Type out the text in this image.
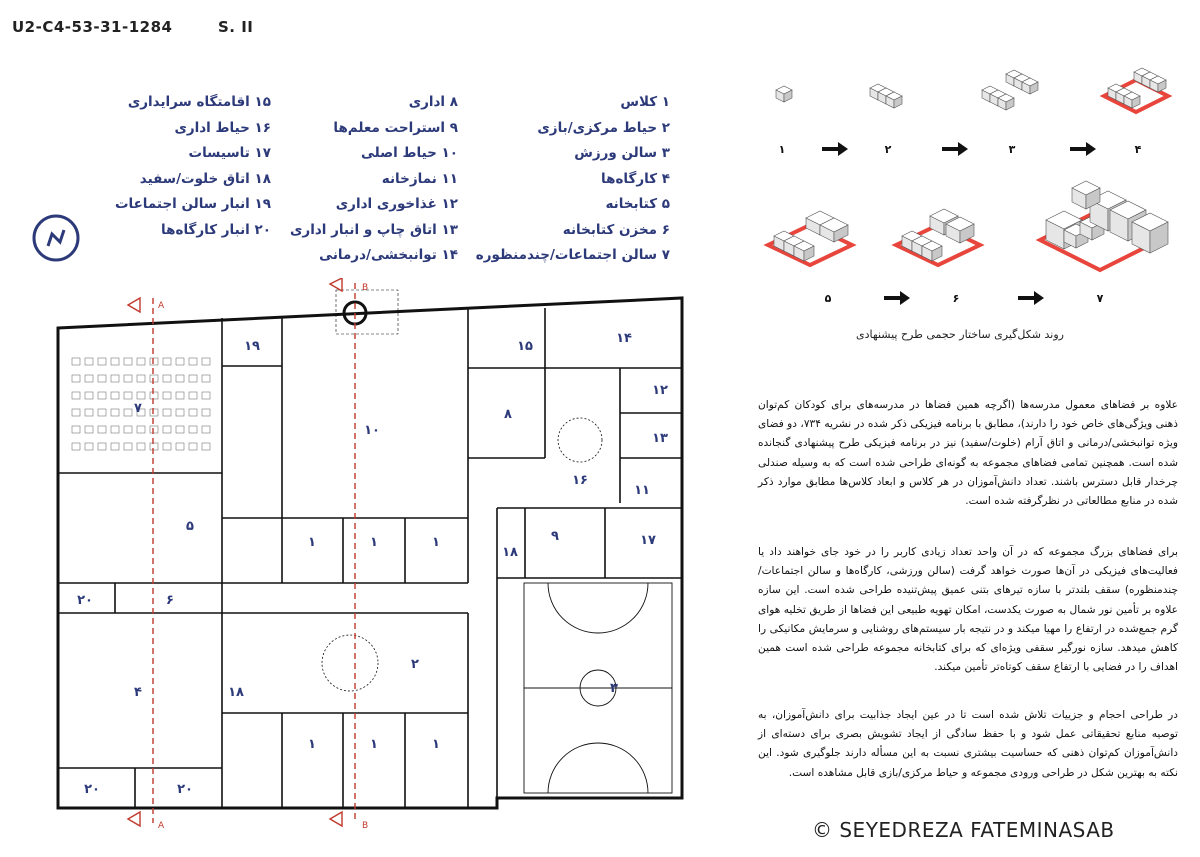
U2-C4-53-31-1284	S. II
۱ کلاس
۲ حیاط مرکزی/بازی
۳ سالن ورزش
۴ کارگاه‌ها
۵ کتابخانه
۶ مخزن کتابخانه
۷ سالن اجتماعات/چندمنظوره
۸ اداری
۹ استراحت معلم‌ها
۱۰ حیاط اصلی
۱۱ نمازخانه
۱۲ غذاخوری اداری
۱۳ اتاق چاپ و انبار اداری
۱۴ توانبخشی/درمانی
۱۵ اقامتگاه سرایداری
۱۶ حیاط اداری
۱۷ تاسیسات
۱۸ اتاق خلوت/سفید
۱۹ انبار سالن اجتماعات
۲۰ انبار کارگاه‌ها
A
A
B
B
۱۹
۷
۱۰
۱۵
۱۴
۱۲
۸
۱۳
۱۶
۱۱
۵
۱	۱	۱
۱۸
۹	۱۷
۲۰	۶
۲
۴	۱۸	۳
۱	۱	۱
۲۰	۲۰
۱	۲	۳	۴
۵	۶	۷
روند شکل‌گیری ساختار حجمی طرح پیشنهادی
علاوه بر فضاهای معمول مدرسه‌ها (اگرچه همین فضاها در مدرسه‌های برای کودکان کم‌توان ذهنی ویژگی‌های خاص خود را دارند)، مطابق با برنامه فیزیکی ذکر شده در نشریه ۷۳۴، دو فضای ویژه توانبخشی/درمانی و اتاق آرام (خلوت/سفید) نیز در برنامه فیزیکی طرح پیشنهادی گنجانده شده است. همچنین تمامی فضاهای مجموعه به گونه‌ای طراحی شده است که به وسیله صندلی چرخدار قابل دسترس باشند. تعداد دانش‌آموزان در هر کلاس و ابعاد کلاس‌ها مطابق موارد ذکر شده در منابع مطالعاتی در نظرگرفته شده است.
برای فضاهای بزرگ مجموعه که در آن واحد تعداد زیادی کاربر را در خود جای خواهند داد یا فعالیت‌های فیزیکی در آن‌ها صورت خواهد گرفت (سالن ورزشی، کارگاه‌ها و سالن اجتماعات/چندمنظوره) سقف بلندتر با سازه تیرهای بتنی عمیق پیش‌تنیده طراحی شده است. این سازه علاوه بر تأمین نور شمال به صورت یکدست، امکان تهویه طبیعی این فضاها از طریق تخلیه هوای گرم جمع‌شده در ارتفاع را مهیا میکند و در نتیجه بار سیستم‌های روشنایی و سرمایش مکانیکی را کاهش میدهد. سازه نورگیر سقفی ویژه‌ای که برای کتابخانه مجموعه طراحی شده است همین اهداف را در فضایی با ارتفاع سقف کوتاه‌تر تأمین میکند.
در طراحی احجام و جزییات تلاش شده است تا در عین ایجاد جذابیت برای دانش‌آموزان، به توصیه منابع تحقیقاتی عمل شود و با حفظ سادگی از ایجاد تشویش بصری برای دسته‌ای از دانش‌آموزان کم‌توان ذهنی که حساسیت بیشتری نسبت به این مسأله دارند جلوگیری شود. این نکته به بهترین شکل در طراحی ورودی مجموعه و حیاط مرکزی/بازی قابل مشاهده است.
© SEYEDREZA FATEMINASAB
